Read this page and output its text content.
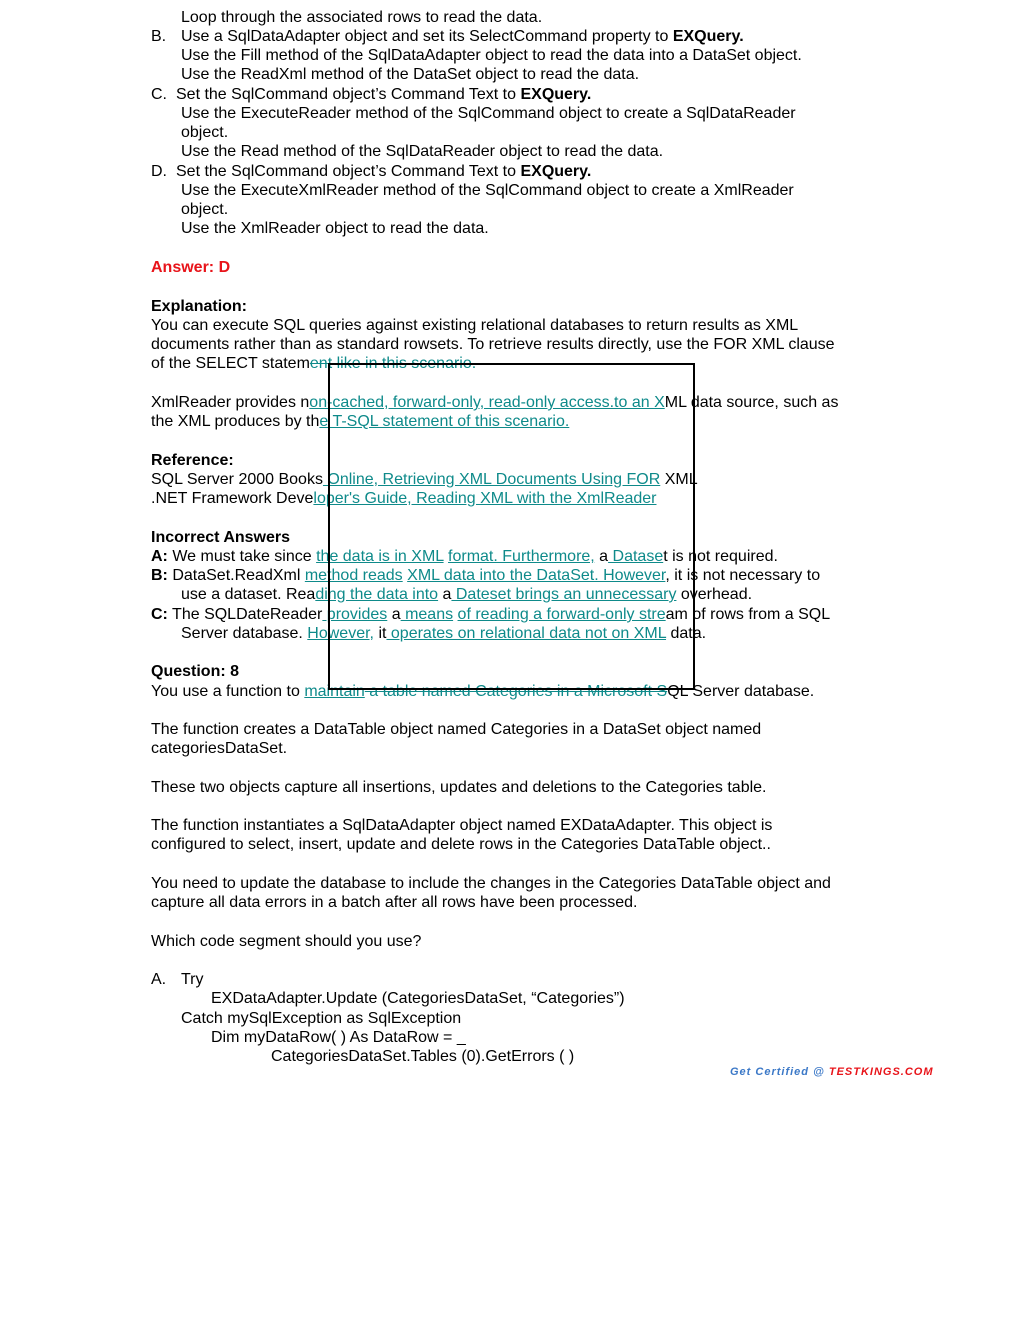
Loop through the associated rows to read the data.
B. Use a SqlDataAdapter object and set its SelectCommand property to EXQuery.
Use the Fill method of the SqlDataAdapter object to read the data into a DataSet object.
Use the ReadXml method of the DataSet object to read the data.
C. Set the SqlCommand object’s Command Text to EXQuery.
Use the ExecuteReader method of the SqlCommand object to create a SqlDataReader
object.
Use the Read method of the SqlDataReader object to read the data.
D. Set the SqlCommand object’s Command Text to EXQuery.
Use the ExecuteXmlReader method of the SqlCommand object to create a XmlReader
object.
Use the XmlReader object to read the data.
Answer: D
Explanation:
You can execute SQL queries against existing relational databases to return results as XML
documents rather than as standard rowsets. To retrieve results directly, use the FOR XML clause
of the SELECT statement like in this scenario.
XmlReader provides non-cached, forward-only, read-only access.to an XML data source, such as
the XML produces by the T-SQL statement of this scenario.
Reference:
SQL Server 2000 Books Online, Retrieving XML Documents Using FOR XML
.NET Framework Developer's Guide, Reading XML with the XmlReader
Incorrect Answers
A: We must take since the data is in XML format. Furthermore, a Dataset is not required.
B: DataSet.ReadXml method reads XML data into the DataSet. However, it is not necessary to
use a dataset. Reading the data into a Dateset brings an unnecessary overhead.
C: The SQLDateReader provides a means of reading a forward-only stream of rows from a SQL
Server database. However, it operates on relational data not on XML data.
Question: 8
You use a function to maintain a table named Categories in a Microsoft SQL Server database.
The function creates a DataTable object named Categories in a DataSet object named
categoriesDataSet.
These two objects capture all insertions, updates and deletions to the Categories table.
The function instantiates a SqlDataAdapter object named EXDataAdapter. This object is
configured to select, insert, update and delete rows in the Categories DataTable object..
You need to update the database to include the changes in the Categories DataTable object and
capture all data errors in a batch after all rows have been processed.
Which code segment should you use?
A. Try
EXDataAdapter.Update (CategoriesDataSet, “Categories”)
Catch mySqlException as SqlException
Dim myDataRow( ) As DataRow = _
CategoriesDataSet.Tables (0).GetErrors ( )
Get Certified @ TESTKINGS.COM
